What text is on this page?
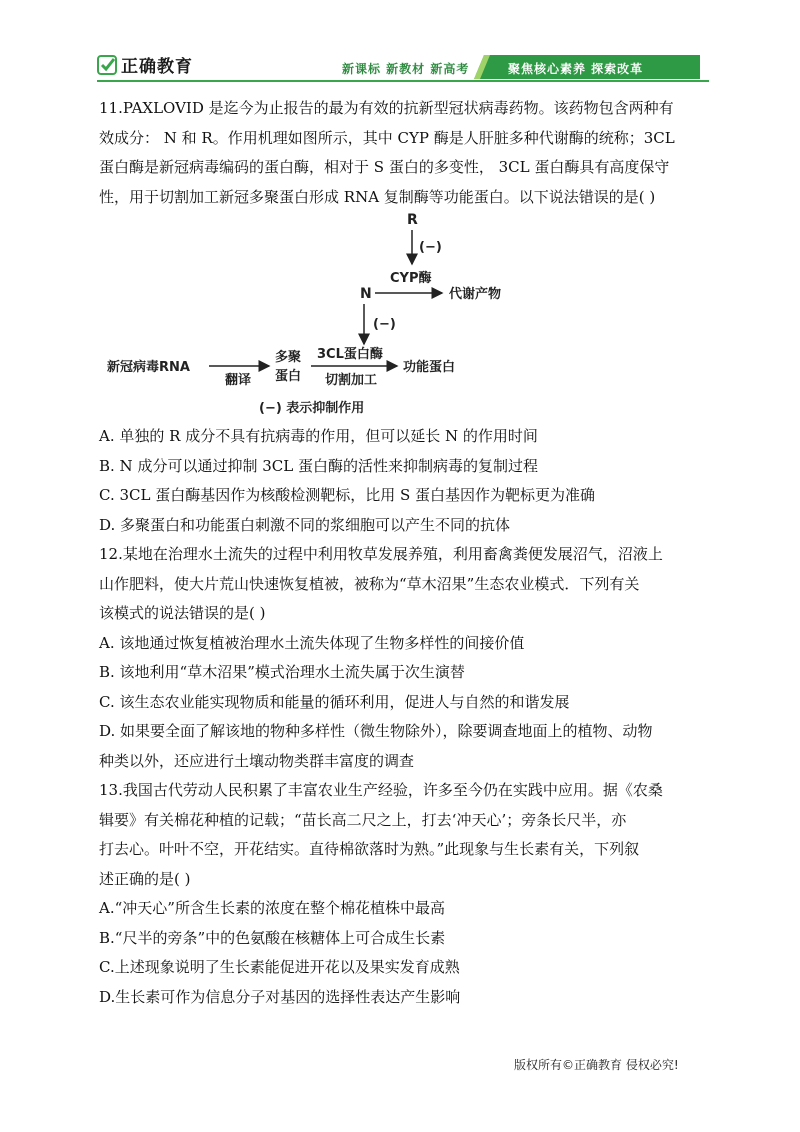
正确教育	新课标 新教材 新高考	聚焦核心素养 探索改革
11.PAXLOVID 是迄今为止报告的最为有效的抗新型冠状病毒药物。该药物包含两种有
效成分： N 和 R。作用机理如图所示，其中 CYP 酶是人肝脏多种代谢酶的统称；3CL
蛋白酶是新冠病毒编码的蛋白酶，相对于 S 蛋白的多变性， 3CL 蛋白酶具有高度保守
性，用于切割加工新冠多聚蛋白形成 RNA 复制酶等功能蛋白。以下说法错误的是( )
R
(−)
CYP酶
N	代谢产物
(−)
新冠病毒RNA
翻译
多聚
蛋白
3CL蛋白酶
切割加工
功能蛋白
(−) 表示抑制作用
A. 单独的 R 成分不具有抗病毒的作用，但可以延长 N 的作用时间
B. N 成分可以通过抑制 3CL 蛋白酶的活性来抑制病毒的复制过程
C. 3CL 蛋白酶基因作为核酸检测靶标，比用 S 蛋白基因作为靶标更为准确
D. 多聚蛋白和功能蛋白刺激不同的浆细胞可以产生不同的抗体
12.某地在治理水土流失的过程中利用牧草发展养殖，利用畜禽粪便发展沼气，沼液上
山作肥料，使大片荒山快速恢复植被，被称为“草木沼果”生态农业模式．下列有关
该模式的说法错误的是( )
A. 该地通过恢复植被治理水土流失体现了生物多样性的间接价值
B. 该地利用“草木沼果”模式治理水土流失属于次生演替
C. 该生态农业能实现物质和能量的循环利用，促进人与自然的和谐发展
D. 如果要全面了解该地的物种多样性（微生物除外），除要调查地面上的植物、动物
种类以外，还应进行土壤动物类群丰富度的调查
13.我国古代劳动人民积累了丰富农业生产经验，许多至今仍在实践中应用。据《农桑
辑要》有关棉花种植的记载；“苗长高二尺之上，打去‘冲天心’；旁条长尺半，亦
打去心。叶叶不空，开花结实。直待棉欲落时为熟。”此现象与生长素有关，下列叙
述正确的是( )
A.“冲天心”所含生长素的浓度在整个棉花植株中最高
B.“尺半的旁条”中的色氨酸在核糖体上可合成生长素
C.上述现象说明了生长素能促进开花以及果实发育成熟
D.生长素可作为信息分子对基因的选择性表达产生影响
版权所有©正确教育 侵权必究!
